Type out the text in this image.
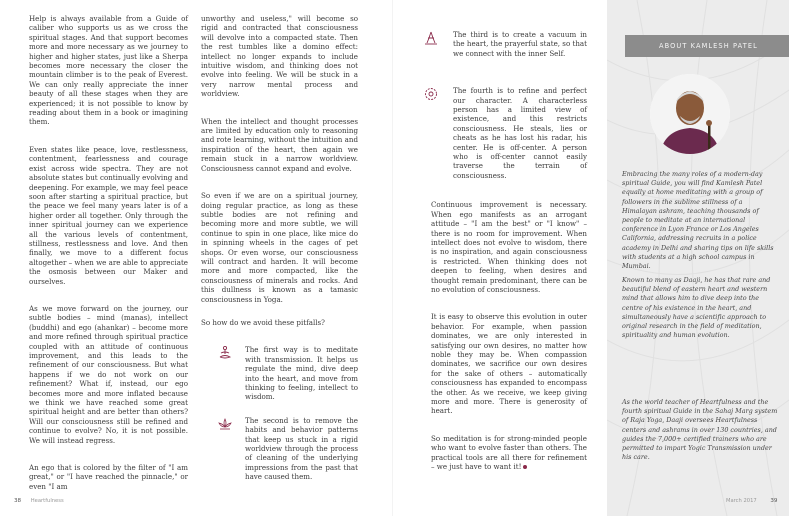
Help is always available from a Guide of caliber who supports us as we cross the spiritual stages. And that support becomes more and more necessary as we journey to higher and higher states, just like a Sherpa becomes more necessary the closer the mountain climber is to the peak of Everest. We can only really appreciate the inner beauty of all these stages when they are experienced; it is not possible to know by reading about them in a book or imagining them.

Even states like peace, love, restlessness, contentment, fearlessness and courage exist across wide spectra. They are not absolute states but continually evolving and deepening. For example, we may feel peace soon after starting a spiritual practice, but the peace we feel many years later is of a higher order all together. Only through the inner spiritual journey can we experience all the various levels of contentment, stillness, restlessness and love. And then finally, we move to a different focus altogether – when we are able to appreciate the osmosis between our Maker and ourselves.

As we move forward on the journey, our subtle bodies – mind (manas), intellect (buddhi) and ego (ahankar) – become more and more refined through spiritual practice coupled with an attitude of continuous improvement, and this leads to the refinement of our consciousness. But what happens if we do not work on our refinement? What if, instead, our ego becomes more and more inflated because we think we have reached some great spiritual height and are better than others? Will our consciousness still be refined and continue to evolve? No, it is not possible. We will instead regress.

An ego that is colored by the filter of "I am great," or "I have reached the pinnacle," or even "I am

unworthy and useless," will become so rigid and contracted that consciousness will devolve into a compacted state. Then the rest tumbles like a domino effect: intellect no longer expands to include intuitive wisdom, and thinking does not evolve into feeling. We will be stuck in a very narrow mental process and worldview.

When the intellect and thought processes are limited by education only to reasoning and rote learning, without the intuition and inspiration of the heart, then again we remain stuck in a narrow worldview. Consciousness cannot expand and evolve.

So even if we are on a spiritual journey, doing regular practice, as long as these subtle bodies are not refining and becoming more and more subtle, we will continue to spin in one place, like mice do in spinning wheels in the cages of pet shops. Or even worse, our consciousness will contract and harden. It will become more and more compacted, like the consciousness of minerals and rocks. And this dullness is known as a tamasic consciousness in Yoga.

So how do we avoid these pitfalls?

The first way is to meditate with transmission. It helps us regulate the mind, dive deep into the heart, and move from thinking to feeling, intellect to wisdom.

The second is to remove the habits and behavior patterns that keep us stuck in a rigid worldview through the process of cleaning of the underlying impressions from the past that have caused them.

The third is to create a vacuum in the heart, the prayerful state, so that we connect with the inner Self.

The fourth is to refine and perfect our character. A characterless person has a limited view of existence, and this restricts consciousness. He steals, lies or cheats as he has lost his radar, his center. He is off-center. A person who is off-center cannot easily traverse the terrain of consciousness.

Continuous improvement is necessary. When ego manifests as an arrogant attitude – "I am the best" or "I know" – there is no room for improvement. When intellect does not evolve to wisdom, there is no inspiration, and again consciousness is restricted. When thinking does not deepen to feeling, when desires and thought remain predominant, there can be no evolution of consciousness.

It is easy to observe this evolution in outer behavior. For example, when passion dominates, we are only interested in satisfying our own desires, no matter how noble they may be. When compassion dominates, we sacrifice our own desires for the sake of others – automatically consciousness has expanded to encompass the other. As we receive, we keep giving more and more. There is generosity of heart.

So meditation is for strong-minded people who want to evolve faster than others. The practical tools are all there for refinement – we just have to want it!

ABOUT KAMLESH PATEL

Embracing the many roles of a modern-day spiritual Guide, you will find Kamlesh Patel equally at home meditating with a group of followers in the sublime stillness of a Himalayan ashram, teaching thousands of people to meditate at an international conference in Lyon France or Los Angeles California, addressing recruits in a police academy in Delhi and sharing tips on life skills with students at a high school campus in Mumbai.

Known to many as Daaji, he has that rare and beautiful blend of eastern heart and western mind that allows him to dive deep into the centre of his existence in the heart, and simultaneously have a scientific approach to original research in the field of meditation, spirituality and human evolution.

As the world teacher of Heartfulness and the fourth spiritual Guide in the Sahaj Marg system of Raja Yoga, Daaji oversees Heartfulness centers and ashrams in over 130 countries, and guides the 7,000+ certified trainers who are permitted to impart Yogic Transmission under his care.

38 Heartfulness	March 2017 39
